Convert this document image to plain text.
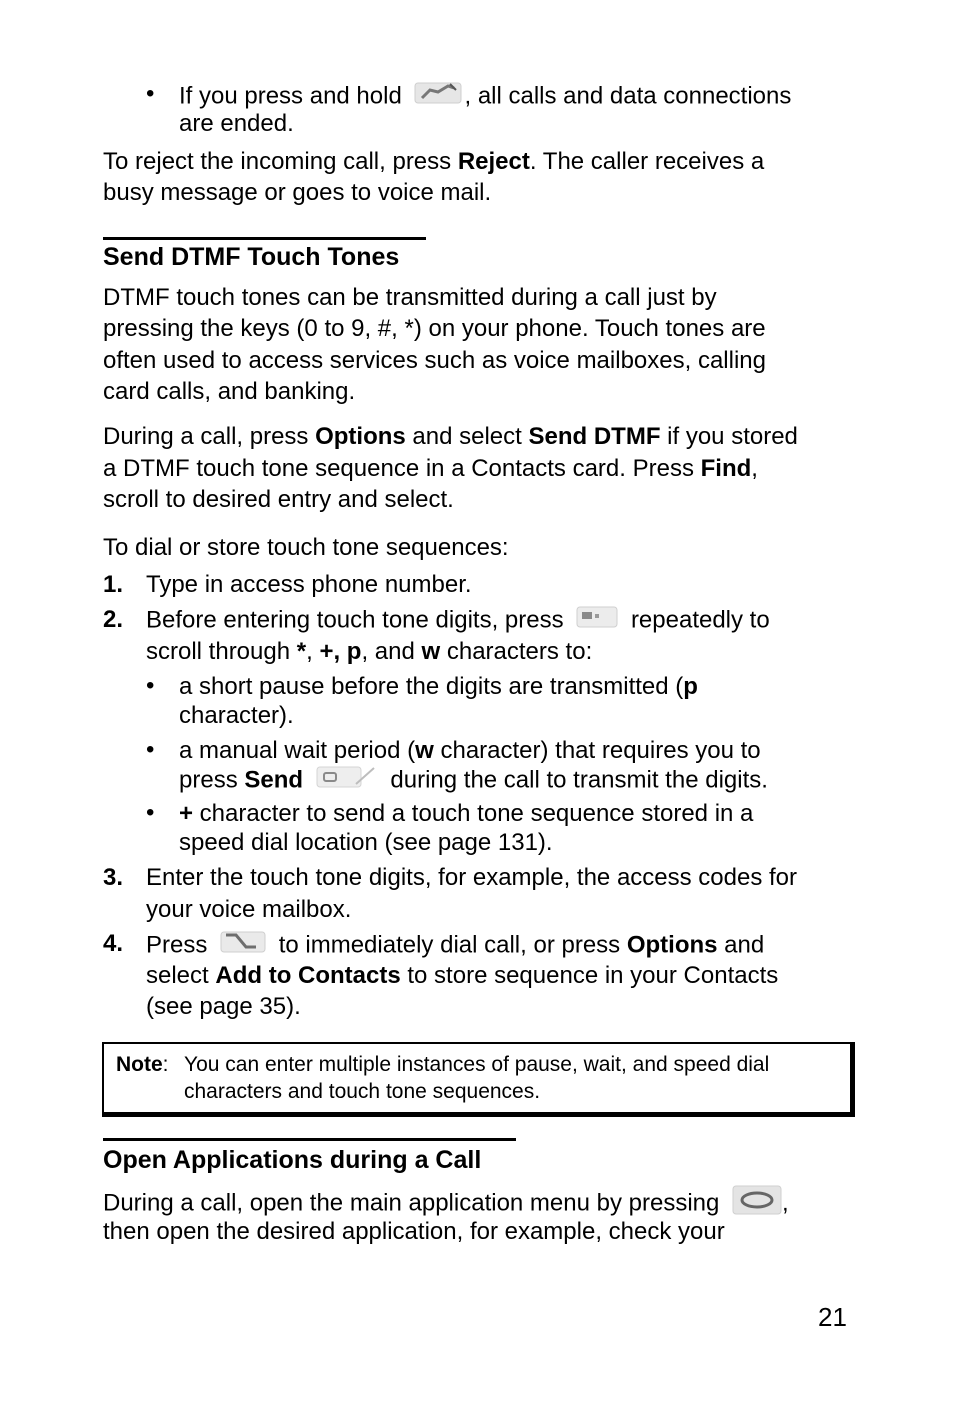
• If you press and hold	, all calls and data connections
are ended.
To reject the incoming call, press Reject. The caller receives a
busy message or goes to voice mail.
Send DTMF Touch Tones
DTMF touch tones can be transmitted during a call just by
pressing the keys (0 to 9, #, *) on your phone. Touch tones are
often used to access services such as voice mailboxes, calling
card calls, and banking.
During a call, press Options and select Send DTMF if you stored
a DTMF touch tone sequence in a Contacts card. Press Find,
scroll to desired entry and select.
To dial or store touch tone sequences:
1. Type in access phone number.
2. Before entering touch tone digits, press	repeatedly to
scroll through *, +, p, and w characters to:
• a short pause before the digits are transmitted (p
character).
• a manual wait period (w character) that requires you to
press Send	during the call to transmit the digits.
• + character to send a touch tone sequence stored in a
speed dial location (see page 131).
3. Enter the touch tone digits, for example, the access codes for
your voice mailbox.
4. Press	to immediately dial call, or press Options and
select Add to Contacts to store sequence in your Contacts
(see page 35).
Note: You can enter multiple instances of pause, wait, and speed dial
characters and touch tone sequences.
Open Applications during a Call
During a call, open the main application menu by pressing	,
then open the desired application, for example, check your
21
